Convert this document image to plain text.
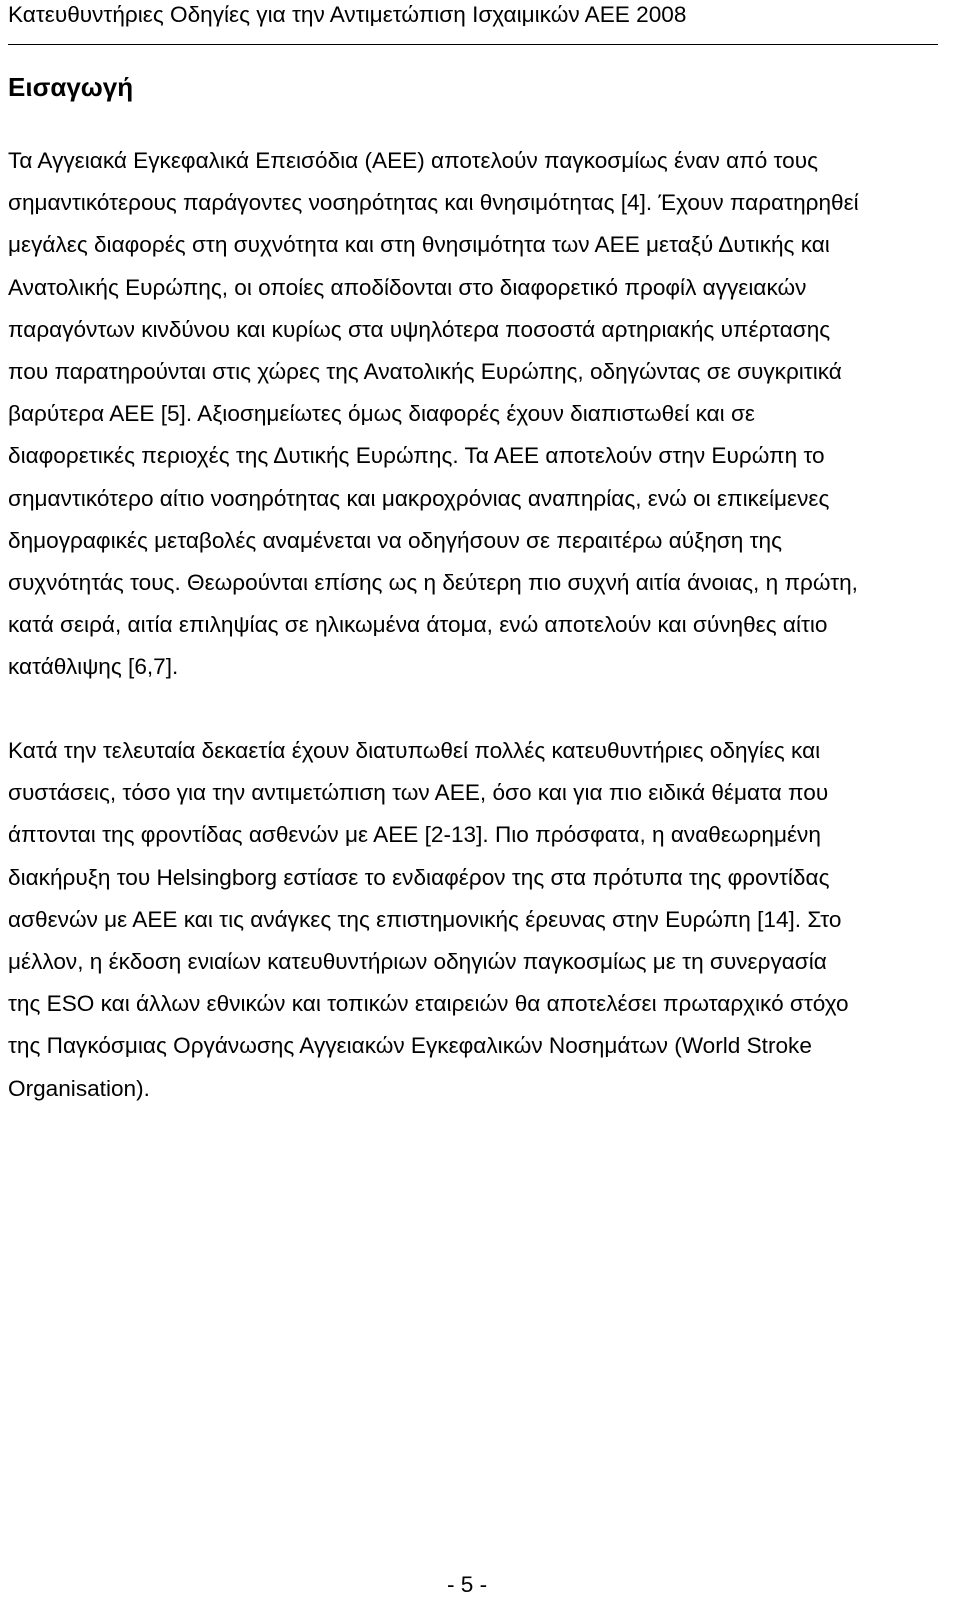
Κατευθυντήριες Οδηγίες για την Αντιμετώπιση Ισχαιμικών ΑΕΕ 2008
Εισαγωγή

Τα Αγγειακά Εγκεφαλικά Επεισόδια (ΑΕΕ) αποτελούν παγκοσμίως έναν από τους
σημαντικότερους παράγοντες νοσηρότητας και θνησιμότητας [4]. Έχουν παρατηρηθεί
μεγάλες διαφορές στη συχνότητα και στη θνησιμότητα των ΑΕΕ μεταξύ Δυτικής και
Ανατολικής Ευρώπης, οι οποίες αποδίδονται στο διαφορετικό προφίλ αγγειακών
παραγόντων κινδύνου και κυρίως στα υψηλότερα ποσοστά αρτηριακής υπέρτασης
που παρατηρούνται στις χώρες της Ανατολικής Ευρώπης, οδηγώντας σε συγκριτικά
βαρύτερα ΑΕΕ [5]. Αξιοσημείωτες όμως διαφορές έχουν διαπιστωθεί και σε
διαφορετικές περιοχές της Δυτικής Ευρώπης. Τα ΑΕΕ αποτελούν στην Ευρώπη το
σημαντικότερο αίτιο νοσηρότητας και μακροχρόνιας αναπηρίας, ενώ οι επικείμενες
δημογραφικές μεταβολές αναμένεται να οδηγήσουν σε περαιτέρω αύξηση της
συχνότητάς τους. Θεωρούνται επίσης ως η δεύτερη πιο συχνή αιτία άνοιας, η πρώτη,
κατά σειρά, αιτία επιληψίας σε ηλικωμένα άτομα, ενώ αποτελούν και σύνηθες αίτιο
κατάθλιψης [6,7].

Κατά την τελευταία δεκαετία έχουν διατυπωθεί πολλές κατευθυντήριες οδηγίες και
συστάσεις, τόσο για την αντιμετώπιση των ΑΕΕ, όσο και για πιο ειδικά θέματα που
άπτονται της φροντίδας ασθενών με ΑΕΕ [2-13]. Πιο πρόσφατα, η αναθεωρημένη
διακήρυξη του Helsingborg εστίασε το ενδιαφέρον της στα πρότυπα της φροντίδας
ασθενών με ΑΕΕ και τις ανάγκες της επιστημονικής έρευνας στην Ευρώπη [14]. Στο
μέλλον, η έκδοση ενιαίων κατευθυντήριων οδηγιών παγκοσμίως με τη συνεργασία
της ESO και άλλων εθνικών και τοπικών εταιρειών θα αποτελέσει πρωταρχικό στόχο
της Παγκόσμιας Οργάνωσης Αγγειακών Εγκεφαλικών Νοσημάτων (World Stroke
Organisation).

- 5 -
